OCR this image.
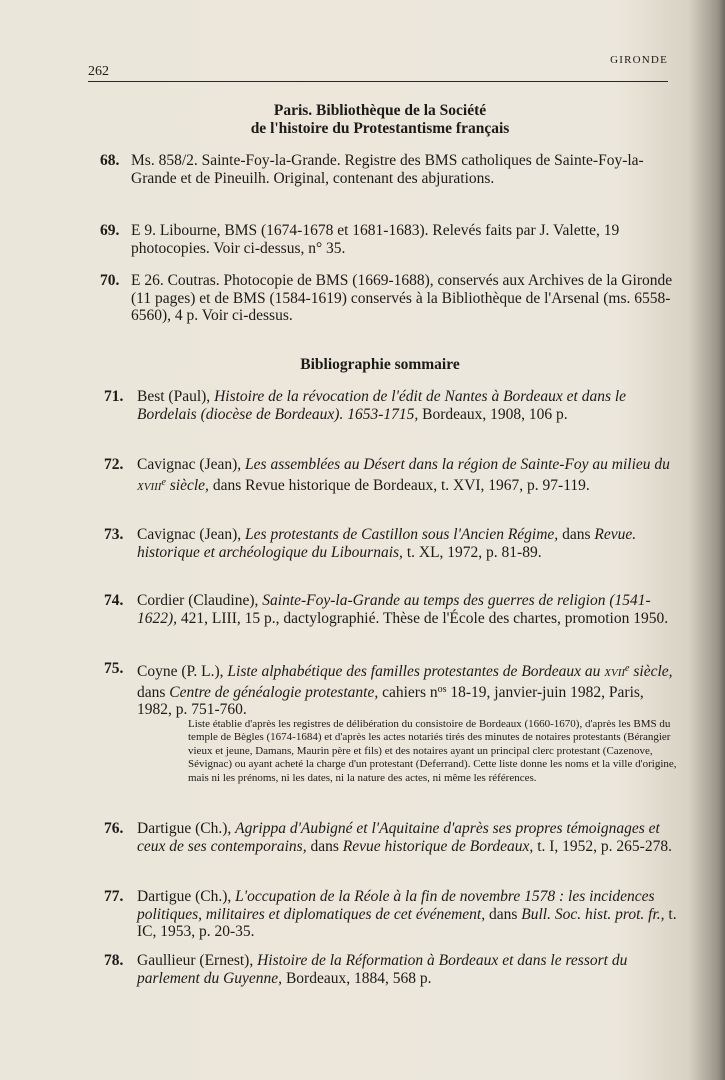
262
GIRONDE
Paris. Bibliothèque de la Société
de l'histoire du Protestantisme français
68. Ms. 858/2. Sainte-Foy-la-Grande. Registre des BMS catholiques de Sainte-Foy-la-Grande et de Pineuilh. Original, contenant des abjurations.
69. E 9. Libourne, BMS (1674-1678 et 1681-1683). Relevés faits par J. Valette, 19 photocopies. Voir ci-dessus, n° 35.
70. E 26. Coutras. Photocopie de BMS (1669-1688), conservés aux Archives de la Gironde (11 pages) et de BMS (1584-1619) conservés à la Bibliothèque de l'Arsenal (ms. 6558-6560), 4 p. Voir ci-dessus.
Bibliographie sommaire
71. Best (Paul), Histoire de la révocation de l'édit de Nantes à Bordeaux et dans le Bordelais (diocèse de Bordeaux). 1653-1715, Bordeaux, 1908, 106 p.
72. Cavignac (Jean), Les assemblées au Désert dans la région de Sainte-Foy au milieu du xviii$^e$ siècle, dans Revue historique de Bordeaux, t. XVI, 1967, p. 97-119.
73. Cavignac (Jean), Les protestants de Castillon sous l'Ancien Régime, dans Revue. historique et archéologique du Libournais, t. XL, 1972, p. 81-89.
74. Cordier (Claudine), Sainte-Foy-la-Grande au temps des guerres de religion (1541-1622), 421, LIII, 15 p., dactylographié. Thèse de l'École des chartes, promotion 1950.
75. Coyne (P. L.), Liste alphabétique des familles protestantes de Bordeaux au xvii$^e$ siècle, dans Centre de généalogie protestante, cahiers $n^{os}$ 18-19, janvier-juin 1982, Paris, 1982, p. 751-760.
Liste établie d'après les registres de délibération du consistoire de Bordeaux (1660-1670), d'après les BMS du temple de Bègles (1674-1684) et d'après les actes notariés tirés des minutes de notaires protestants (Bérangier vieux et jeune, Damans, Maurin père et fils) et des notaires ayant un principal clerc protestant (Cazenove, Sévignac) ou ayant acheté la charge d'un protestant (Deferrand). Cette liste donne les noms et la ville d'origine, mais ni les prénoms, ni les dates, ni la nature des actes, ni même les références.
76. Dartigue (Ch.), Agrippa d'Aubigné et l'Aquitaine d'après ses propres témoignages et ceux de ses contemporains, dans Revue historique de Bordeaux, t. I, 1952, p. 265-278.
77. Dartigue (Ch.), L'occupation de la Réole à la fin de novembre 1578 : les incidences politiques, militaires et diplomatiques de cet événement, dans Bull. Soc. hist. prot. fr., t. IC, 1953, p. 20-35.
78. Gaullieur (Ernest), Histoire de la Réformation à Bordeaux et dans le ressort du parlement du Guyenne, Bordeaux, 1884, 568 p.
